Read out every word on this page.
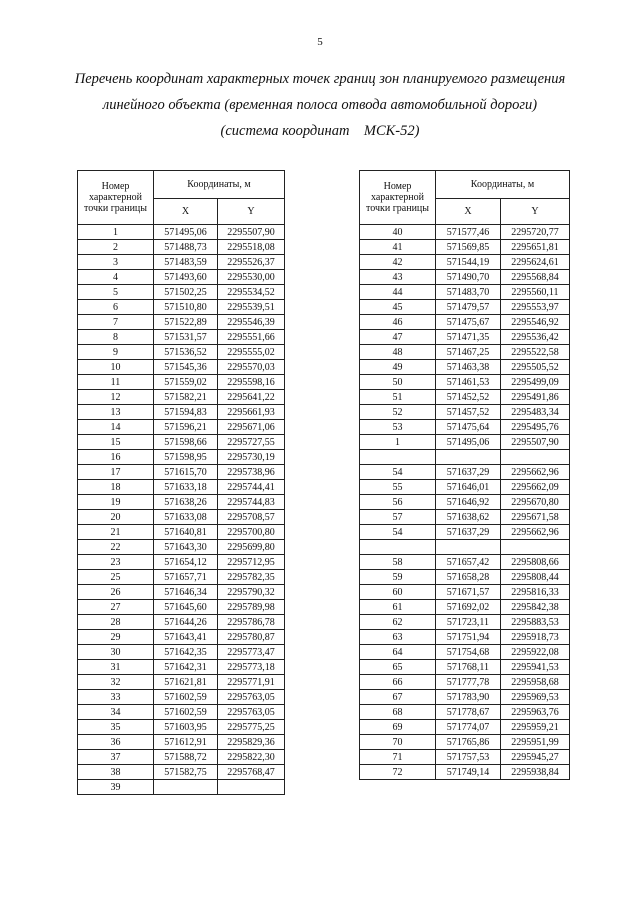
5
Перечень координат характерных точек границ зон планируемого размещения
линейного объекта (временная полоса отвода автомобильной дороги)
(система координат    МСК-52)
Номер характерной точки границы	Координаты, м	
	X	Y
1	571495,06	2295507,90
2	571488,73	2295518,08
3	571483,59	2295526,37
4	571493,60	2295530,00
5	571502,25	2295534,52
6	571510,80	2295539,51
7	571522,89	2295546,39
8	571531,57	2295551,66
9	571536,52	2295555,02
10	571545,36	2295570,03
11	571559,02	2295598,16
12	571582,21	2295641,22
13	571594,83	2295661,93
14	571596,21	2295671,06
15	571598,66	2295727,55
16	571598,95	2295730,19
17	571615,70	2295738,96
18	571633,18	2295744,41
19	571638,26	2295744,83
20	571633,08	2295708,57
21	571640,81	2295700,80
22	571643,30	2295699,80
23	571654,12	2295712,95
25	571657,71	2295782,35
26	571646,34	2295790,32
27	571645,60	2295789,98
28	571644,26	2295786,78
29	571643,41	2295780,87
30	571642,35	2295773,47
31	571642,31	2295773,18
32	571621,81	2295771,91
33	571602,59	2295763,05
34	571602,59	2295763,05
35	571603,95	2295775,25
36	571612,91	2295829,36
37	571588,72	2295822,30
38	571582,75	2295768,47
39		
Номер характерной точки границы	Координаты, м	
	X	Y
40	571577,46	2295720,77
41	571569,85	2295651,81
42	571544,19	2295624,61
43	571490,70	2295568,84
44	571483,70	2295560,11
45	571479,57	2295553,97
46	571475,67	2295546,92
47	571471,35	2295536,42
48	571467,25	2295522,58
49	571463,38	2295505,52
50	571461,53	2295499,09
51	571452,52	2295491,86
52	571457,52	2295483,34
53	571475,64	2295495,76
1	571495,06	2295507,90

54	571637,29	2295662,96
55	571646,01	2295662,09
56	571646,92	2295670,80
57	571638,62	2295671,58
54	571637,29	2295662,96

58	571657,42	2295808,66
59	571658,28	2295808,44
60	571671,57	2295816,33
61	571692,02	2295842,38
62	571723,11	2295883,53
63	571751,94	2295918,73
64	571754,68	2295922,08
65	571768,11	2295941,53
66	571777,78	2295958,68
67	571783,90	2295969,53
68	571778,67	2295963,76
69	571774,07	2295959,21
70	571765,86	2295951,99
71	571757,53	2295945,27
72	571749,14	2295938,84
